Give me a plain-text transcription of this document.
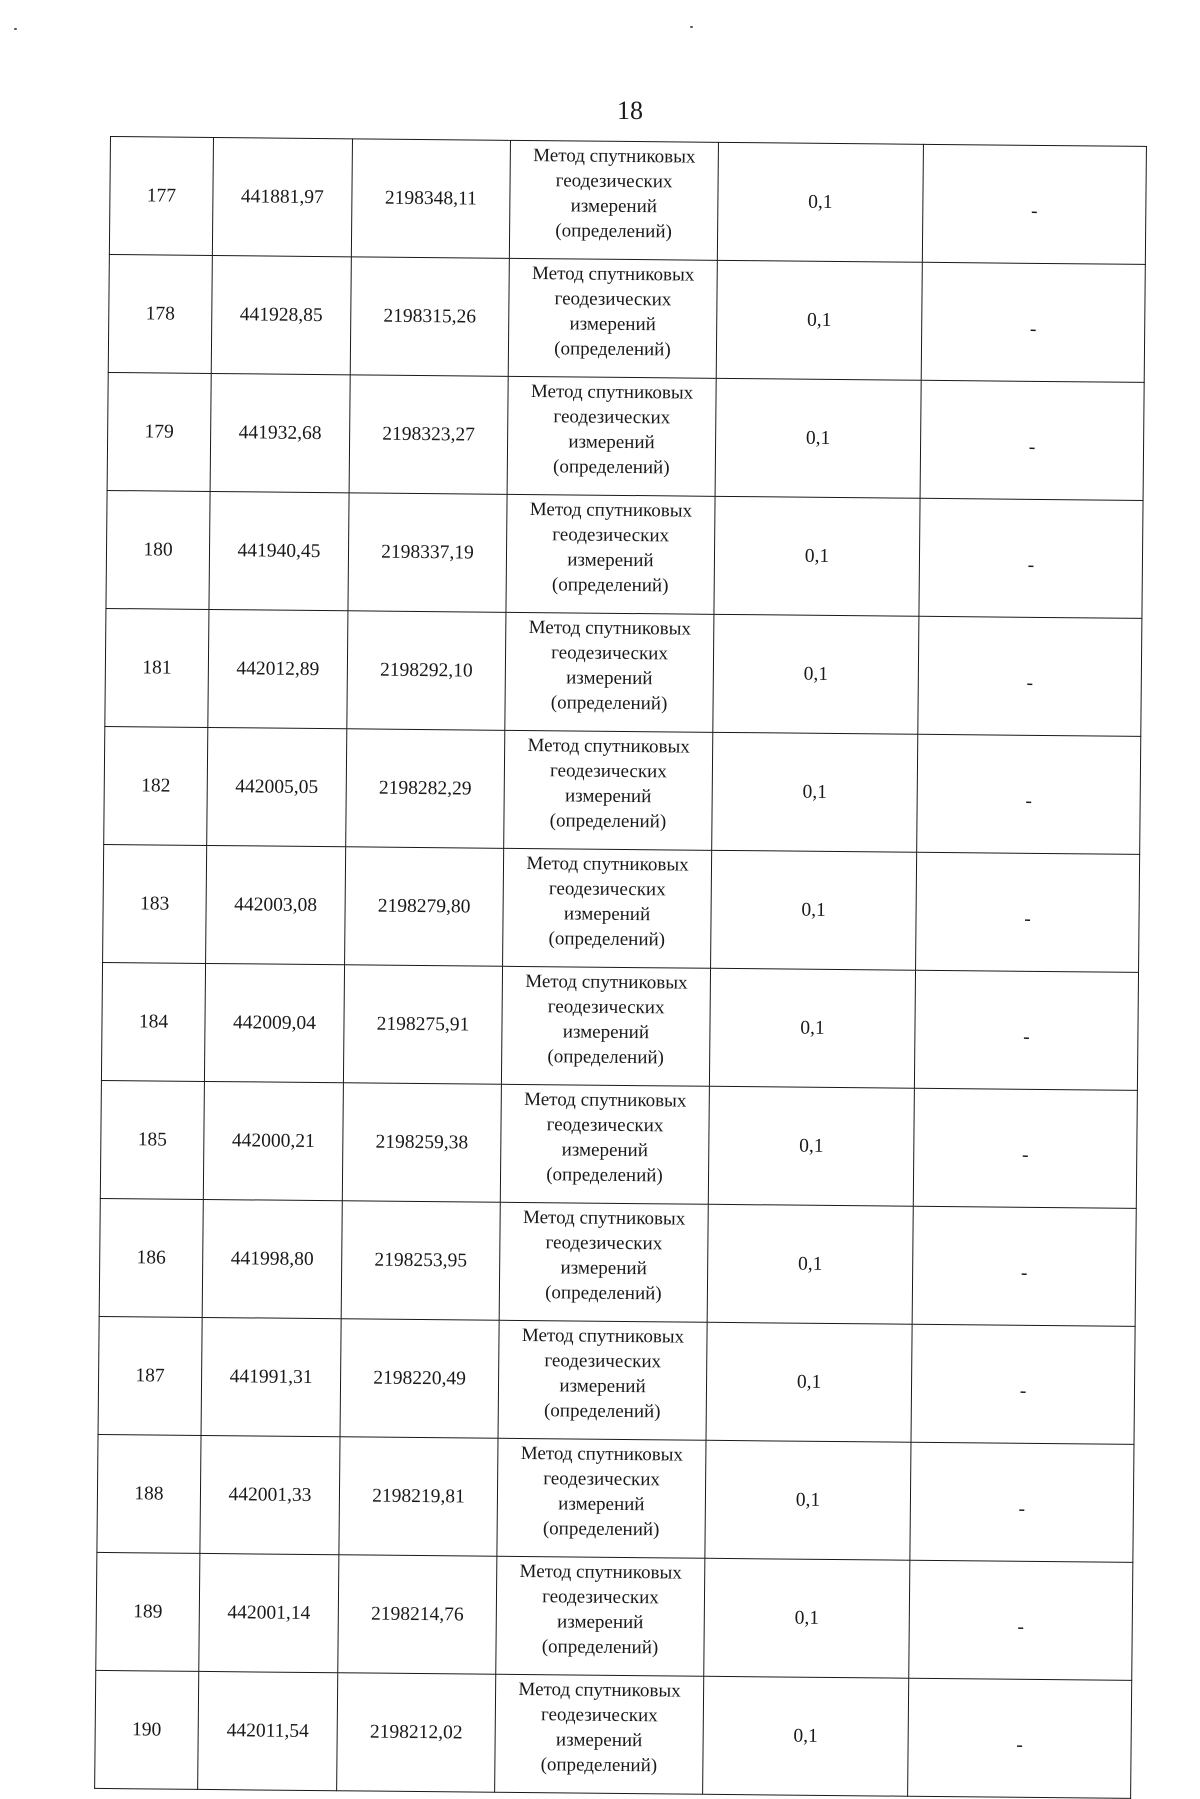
18
177	441881,97	2198348,11	Метод спутниковых
геодезических
измерений
(определений)	0,1	-
178	441928,85	2198315,26	Метод спутниковых
геодезических
измерений
(определений)	0,1	-
179	441932,68	2198323,27	Метод спутниковых
геодезических
измерений
(определений)	0,1	-
180	441940,45	2198337,19	Метод спутниковых
геодезических
измерений
(определений)	0,1	-
181	442012,89	2198292,10	Метод спутниковых
геодезических
измерений
(определений)	0,1	-
182	442005,05	2198282,29	Метод спутниковых
геодезических
измерений
(определений)	0,1	-
183	442003,08	2198279,80	Метод спутниковых
геодезических
измерений
(определений)	0,1	-
184	442009,04	2198275,91	Метод спутниковых
геодезических
измерений
(определений)	0,1	-
185	442000,21	2198259,38	Метод спутниковых
геодезических
измерений
(определений)	0,1	-
186	441998,80	2198253,95	Метод спутниковых
геодезических
измерений
(определений)	0,1	-
187	441991,31	2198220,49	Метод спутниковых
геодезических
измерений
(определений)	0,1	-
188	442001,33	2198219,81	Метод спутниковых
геодезических
измерений
(определений)	0,1	-
189	442001,14	2198214,76	Метод спутниковых
геодезических
измерений
(определений)	0,1	-
190	442011,54	2198212,02	Метод спутниковых
геодезических
измерений
(определений)	0,1	-
